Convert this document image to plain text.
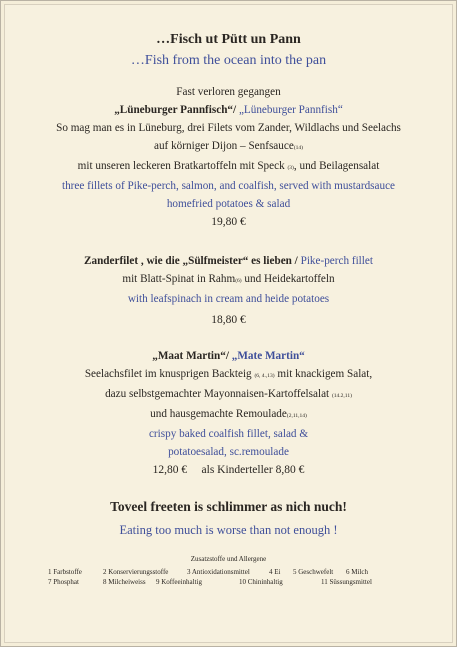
…Fisch ut Pütt un Pann
…Fish from the ocean into the pan
Fast verloren gegangen
„Lüneburger Pannfisch“/ „Lüneburger Pannfish“
So mag man es in Lüneburg, drei Filets vom Zander, Wildlachs und Seelachs
auf körniger Dijon – Senfsauce(14)
mit unseren leckeren Bratkartoffeln mit Speck (3), und Beilagensalat
three fillets of Pike-perch, salmon, and coalfish, served with mustardsauce
homefried potatoes & salad
19,80 €
Zanderfilet , wie die „Sülfmeister“ es lieben / Pike-perch fillet
mit Blatt-Spinat in Rahm(6) und Heidekartoffeln
with leafspinach in cream and heide potatoes
18,80 €
„Maat Martin“/ „Mate Martin“
Seelachsfilet im knusprigen Backteig (6, 4.,13) mit knackigem Salat,
dazu selbstgemachter Mayonnaisen-Kartoffelsalat (14.2,11)
und hausgemachte Remoulade(2,11,14)
crispy baked coalfish fillet, salad &
potatoesalad, sc.remoulade
12,80 € als Kinderteller 8,80 €
Toveel freeten is schlimmer as nich nuch!
Eating too much is worse than not enough !
Zusatzstoffe und Allergene
1 Farbstoffe	2 Konservierungsstoffe	3 Antioxidationsmittel	4 Ei 5 Geschwefelt 6 Milch
7 Phosphat	8 Milcheiweiss 9 Koffeeinhaltig	10 Chininhaltig	11 Süssungsmittel
